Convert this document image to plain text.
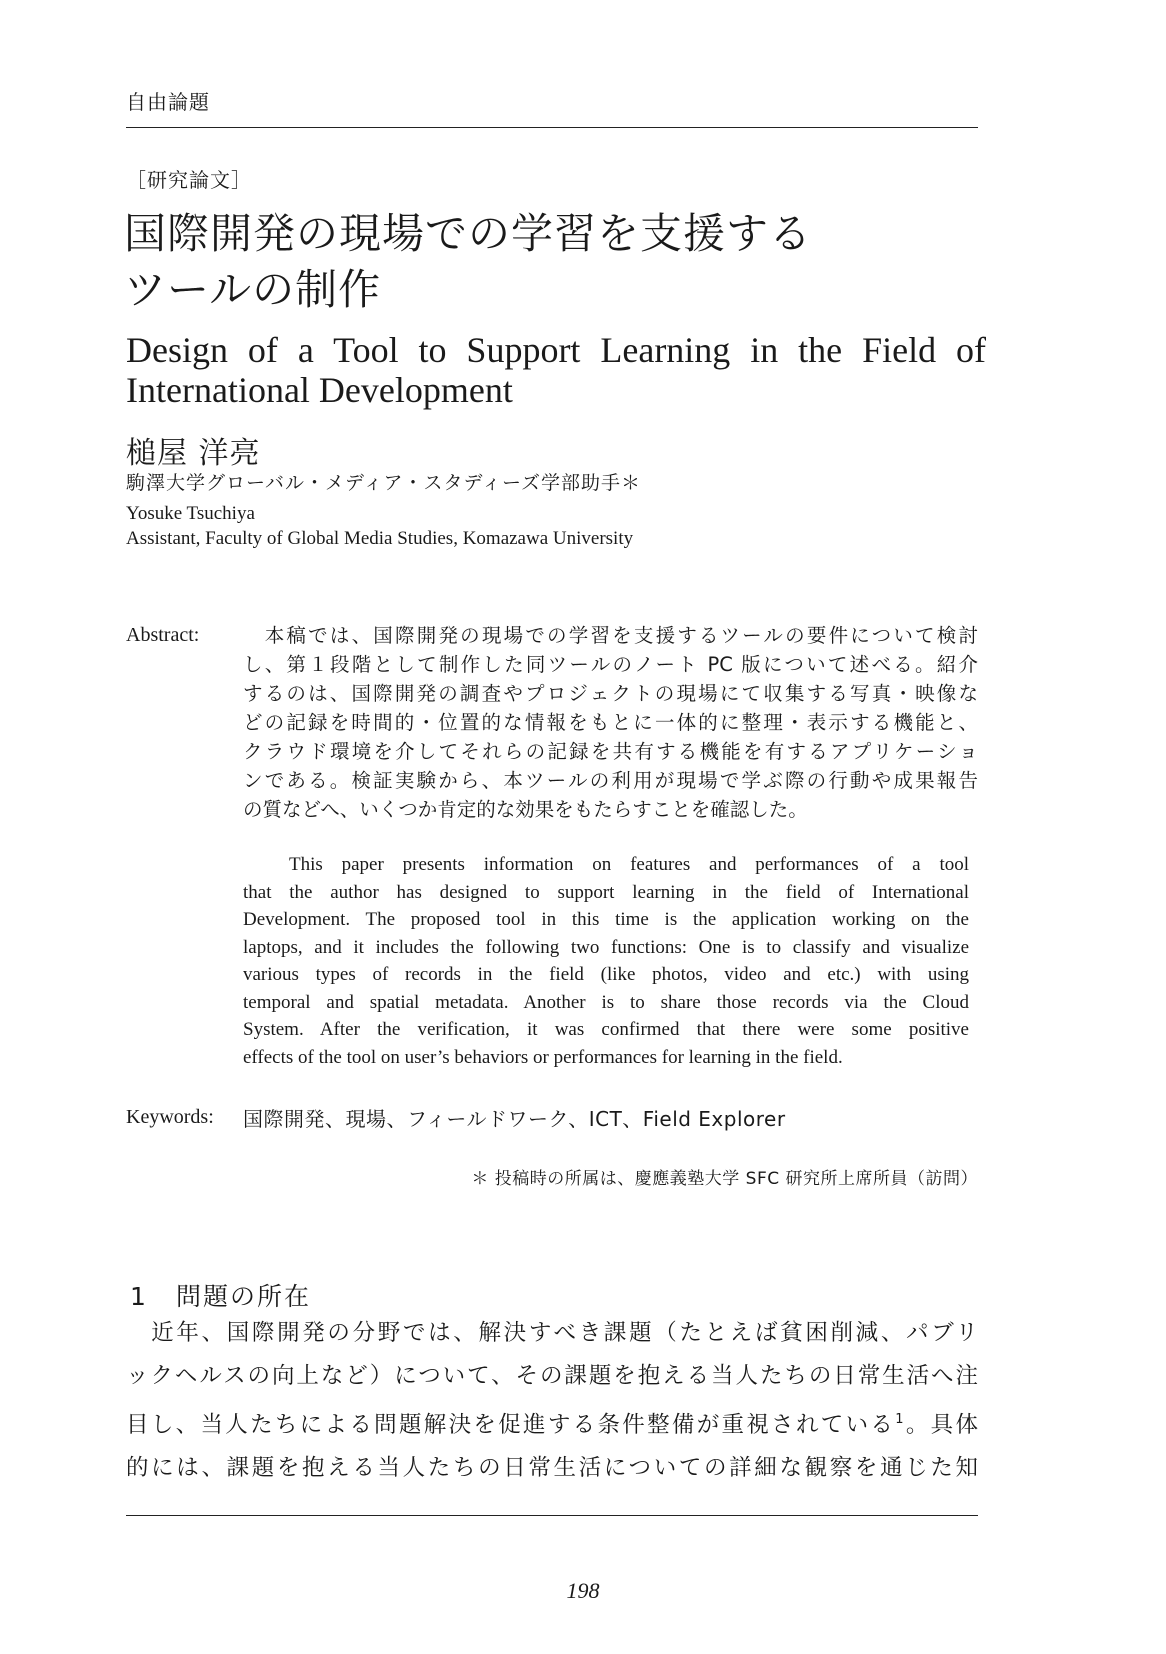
自由論題
［研究論文］
国際開発の現場での学習を支援する
ツールの制作
Design of a Tool to Support Learning in the Field of
International Development
槌屋 洋亮
駒澤大学グローバル・メディア・スタディーズ学部助手＊
Yosuke Tsuchiya
Assistant, Faculty of Global Media Studies, Komazawa University
Abstract: 　本稿では、国際開発の現場での学習を支援するツールの要件について検討
し、第１段階として制作した同ツールのノート PC 版について述べる。紹介
するのは、国際開発の調査やプロジェクトの現場にて収集する写真・映像な
どの記録を時間的・位置的な情報をもとに一体的に整理・表示する機能と、
クラウド環境を介してそれらの記録を共有する機能を有するアプリケーショ
ンである。検証実験から、本ツールの利用が現場で学ぶ際の行動や成果報告
の質などへ、いくつか肯定的な効果をもたらすことを確認した。
This paper presents information on features and performances of a tool
that the author has designed to support learning in the field of International
Development. The proposed tool in this time is the application working on the
laptops, and it includes the following two functions: One is to classify and visualize
various types of records in the field (like photos, video and etc.) with using
temporal and spatial metadata. Another is to share those records via the Cloud
System. After the verification, it was confirmed that there were some positive
effects of the tool on user’s behaviors or performances for learning in the field.
Keywords: 国際開発、現場、フィールドワーク、ICT、Field Explorer
＊ 投稿時の所属は、慶應義塾大学 SFC 研究所上席所員（訪問）
1 問題の所在
　近年、国際開発の分野では、解決すべき課題（たとえば貧困削減、パブリ
ックヘルスの向上など）について、その課題を抱える当人たちの日常生活へ注
目し、当人たちによる問題解決を促進する条件整備が重視されている$^1$。具体
的には、課題を抱える当人たちの日常生活についての詳細な観察を通じた知
198
